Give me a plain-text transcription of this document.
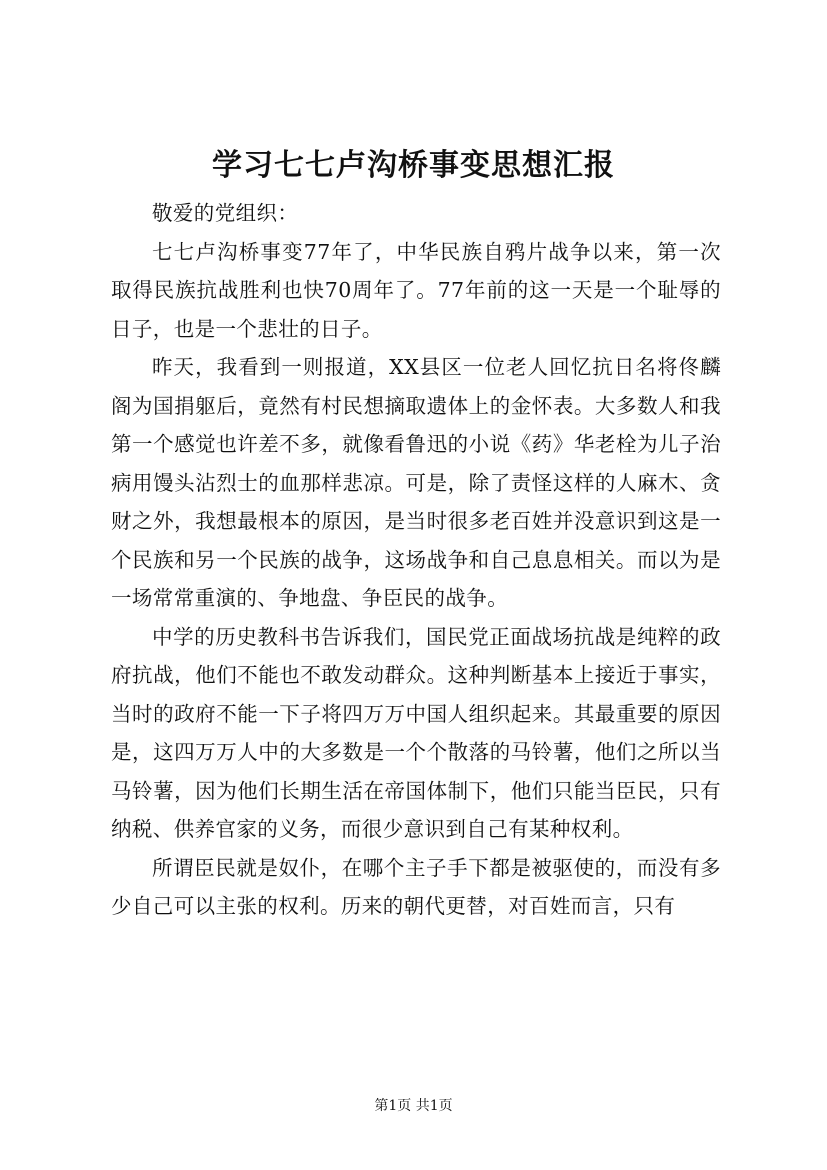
学习七七卢沟桥事变思想汇报

敬爱的党组织：

七七卢沟桥事变77年了，中华民族自鸦片战争以来，第一次取得民族抗战胜利也快70周年了。77年前的这一天是一个耻辱的日子，也是一个悲壮的日子。

昨天，我看到一则报道，XX县区一位老人回忆抗日名将佟麟阁为国捐躯后，竟然有村民想摘取遗体上的金怀表。大多数人和我第一个感觉也许差不多，就像看鲁迅的小说《药》华老栓为儿子治病用馒头沾烈士的血那样悲凉。可是，除了责怪这样的人麻木、贪财之外，我想最根本的原因，是当时很多老百姓并没意识到这是一个民族和另一个民族的战争，这场战争和自己息息相关。而以为是一场常常重演的、争地盘、争臣民的战争。

中学的历史教科书告诉我们，国民党正面战场抗战是纯粹的政府抗战，他们不能也不敢发动群众。这种判断基本上接近于事实，当时的政府不能一下子将四万万中国人组织起来。其最重要的原因是，这四万万人中的大多数是一个个散落的马铃薯，他们之所以当马铃薯，因为他们长期生活在帝国体制下，他们只能当臣民，只有纳税、供养官家的义务，而很少意识到自己有某种权利。

所谓臣民就是奴仆，在哪个主子手下都是被驱使的，而没有多少自己可以主张的权利。历来的朝代更替，对百姓而言，只有

第1页 共1页
